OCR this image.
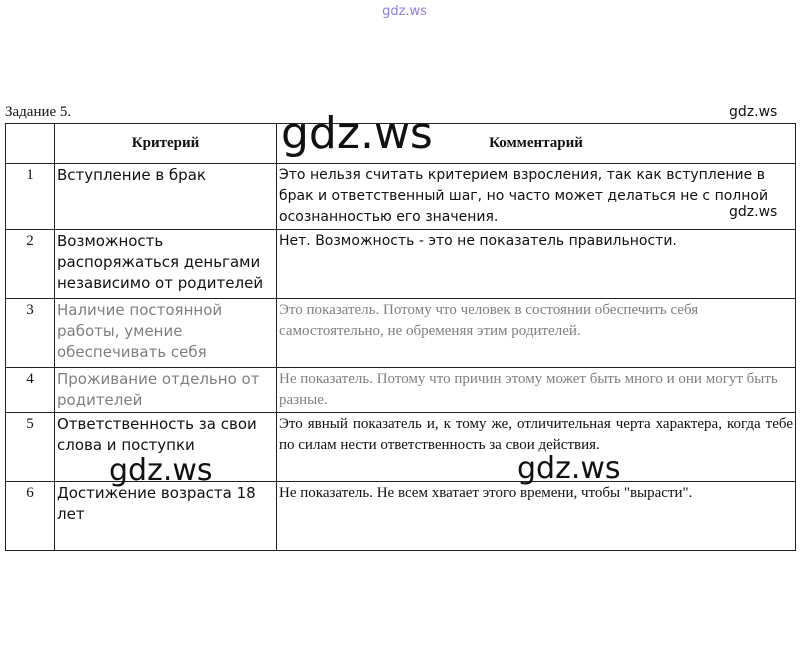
gdz.ws
Задание 5.	gdz.ws
	Критерий	Комментарий
1	Вступление в брак	Это нельзя считать критерием взросления, так как вступление в брак и ответственный шаг, но часто может делаться не с полной осознанностью его значения.
2	Возможность распоряжаться деньгами независимо от родителей	Нет. Возможность - это не показатель правильности.
3	Наличие постоянной работы, умение обеспечивать себя	Это показатель. Потому что человек в состоянии обеспечить себя самостоятельно, не обременяя этим родителей.
4	Проживание отдельно от родителей	Не показатель. Потому что причин этому может быть много и они могут быть разные.
5	Ответственность за свои слова и поступки	Это явный показатель и, к тому же, отличительная черта характера, когда тебе по силам нести ответственность за свои действия.
6	Достижение возраста 18 лет	Не показатель. Не всем хватает этого времени, чтобы "вырасти".
gdz.ws
gdz.ws
gdz.ws	gdz.ws
